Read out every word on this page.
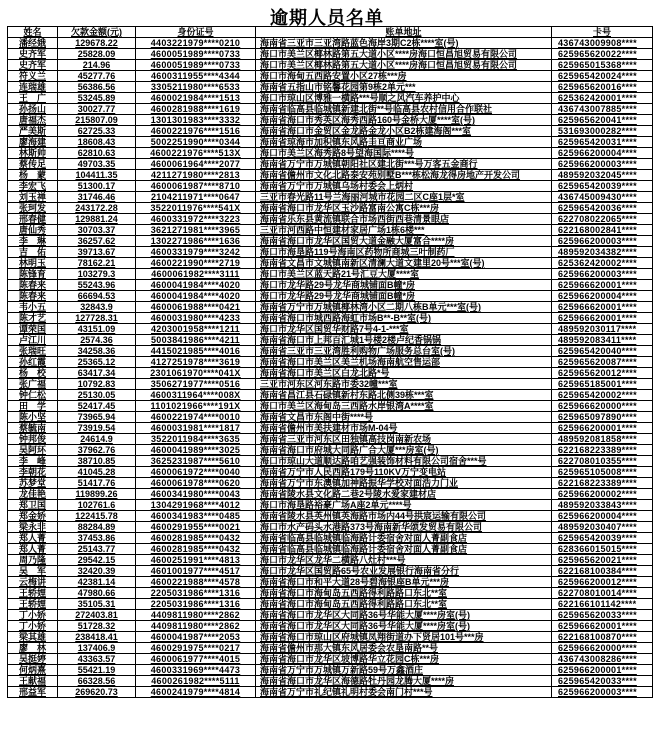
逾期人员名单
姓名	欠款金额(元)	身份证号	账单地址	卡号
潘经娥	129678.22	4403221979****0210	海南省三亚市三亚湾路蓝色海岸3期C2栋****室(号)	436743009908****
史齐军	25828.09	4600051989****0733	海口市美兰区椰林路第五大道小区****房海口恒昌旭贸易有限公司	625965620022****
史齐军	214.96	4600051989****0733	海口市美兰区椰林路第五大道小区****房海口恒昌旭贸易有限公司	625965015368****
符义兰	45277.76	4600311955****4344	海口市海甸五西路安置小区27栋***房	625965420024****
连瑞雄	56386.56	3305211980****6533	海南省五指山市铭馨花园第9栋2单元***	625965620016****
王　广	53245.89	4600021984****1513	海口市琼山区博雅一横路***号顺之风汽车养护中心	625362420001****
孙扬山	30027.77	4600281988****1619	海南省临高县临城镇新建北街**号临高县农村信用合作联社	436743007885****
唐福杰	215807.09	1301301983****3332	海南省海口市秀英区海秀西路160号金桥大厦****室(号)	625965620041****
严美斯	62725.33	4600221976****1516	海南省海口市金贸区金龙路金龙小区B2栋建海阁***室	531693000282****
廖海建	18608.43	5002251990****0344	海南省琼海市加积镇东风路圭亘商业广场	625965420031****
林斯帅	62810.63	4600221976****513X	海口市美兰区海秀路8号望海国际****号	625966200004****
蔡传足	49703.35	4600061964****2077	海南省万宁市万城镇朝阳社区建北街***号万客五金商行	625966200003****
杨　蒙	104411.35	4211271980****2813	海南省儋州市文化北路泰安苑别墅B***栋松海龙得房地产开发公司	489592032045****
李宏飞	51300.17	4600061987****8710	海南省万宁市万城镇乌场村委会上炳村	625965420039****
刘玉禅	31746.46	2104211971****0647	三亚市春光路11号兰海丽河城市花园二区C座1层*室	436745009430****
张珂发	243172.28	3522011976****541X	海南省海口市龙华区玉沙路富南公寓C栋***房	625965420036****
邢春健	129881.24	4600331972****3223	海南省乐东县黄流镇联合市场西街西巷清景眼店	622708022065****
唐仙秀	30703.37	3621271981****3965	三亚市河西路中恒建材家居广场1栋6楼***	622168002841****
李　琳	36257.62	1302271986****1636	海南省海口市龙华区国贸大道金融大厦富合****房	625966200003****
吉　佑	39713.67	4600331979****3242	海口市海垦路119号海南区药物所商城三叶制药厂	489592034382****
林明玉	78162.21	4600221990****2719	海南省文昌市文城镇南新区清澜大道文建里20号***室(号)	625362420002****
陈锋育	103279.3	4600061982****3111	海口市美兰区蓝天路21号汇豆大厦****室	625966200003****
陈春来	55243.96	4600041984****4020	海口市龙华路29号龙华商城铺面B幢*房	625966620001****
陈春来	66694.53	4600041984****4020	海口市龙华路29号龙华商城铺面B幢*房	625966200004****
韦小五	32843.9	4600061988****0421	海南省万宁市万城镇椰林湾小区二期八栋B单元***室(号)	625966620001****
陈才艺	127728.31	4600031980****4233	海南省海口市城西路海虹市场B**-B**室(号)	625966620001****
谭荣国	43151.09	4203001958****1211	海口市龙华区国贸华财路7号4-1-***室	489592030117****
卢江川	2574.36	5003841986****4211	海南省海口市上邦百汇城1号楼2楼卢纪香锅锅	489592083411****
张瑞旺	34258.36	4415021985****4016	海南省三亚市三亚湾胜利购物广场服务总台室(号)	625965420040****
孙红霞	25365.12	4127251978****3619	海南省海口市美兰区美兰机场海南航空售运部	625965620087****
杨　校	63417.34	2301061970****041X	海南省海口市美兰区白龙北路*号	625965620012****
张广福	10792.83	3506271977****0516	三亚市河东区河东路市委32幢***室	625965185001****
钟仁松	25130.05	4600311964****008X	海南省昌江县石碌镇新村东路北侧39栋***室	625965420002****
田　学	52417.45	1101021966****191X	海口市美兰区海甸岛三西路水岸银湾A****室	625966620000****
陈小坚	73965.94	4600221974****0010	海南省文昌市东阁中街****号	625965097890****
蔡毓南	73919.54	4600031981****1817	海南省儋州市美扶建材市场M-04号	625966200001****
钟邦俊	24614.9	3522011984****3635	海南省三亚市河东区田独镇高技岗南新农场	489592081858****
吴阿环	37962.76	4600041989****3025	海南省海口市府城大同路广合大厦***房室(号)	622168223389****
李　峰	38710.85	3625231987****5610	海口市琼山大道顺达路咱艺强装饰材料有限公司宿舍***号	622708010355****
李朝花	41045.28	4600061972****0040	海南省万宁市人民西路179号110KV万宁变电站	625965105008****
苏梦堂	51417.76	4600061978****0620	海南省万宁市东澳镇加神路振华学校对面浩力门业	622168223389****
龙佳艳	119899.26	4600341980****0043	海南省陵水县文化路二巷2号陵水爱家建材店	625966200002****
郑卫国	102761.6	1304291968****4012	海口市海垦路裕豪广场A座2单元****号	489592033843****
郑金娇	122415.78	4600341983****0485	海南省陵水县英州镇英海路市场内44号拱宸运输有限公司	625966200004****
梁永非	88284.89	4600291955****0021	海口市水产码头水港路373号海南新华颂发贸易有限公司	489592030407****
郑人菁	37453.86	4600281985****0432	海南省临高县临城镇临海路计委宿舍对面人菁副食店	625965420039****
郑人菁	25143.77	4600281985****0432	海南省临高县临城镇临海路计委宿舍对面人菁副食店	628366015015****
周乃隆	29542.15	4600251991****4813	海口市龙华区龙华二横路八灶村***号	625965620021****
吴　军	32420.39	4601001977****4517	海口市龙华区国贸路65号农业发展银行海南省分行	622168100384****
云梅讲	42381.14	4600221988****4578	海南省海口市和平大道28号碧海银座B单元***房	625966200012****
王轿娌	47980.66	2205031986****1316	海南省海口市海甸岛五西路得利路路口东北**室	622708010014****
王轿娌	35105.31	2205031986****1316	海南省海口市海甸岛五西路得利路路口东北**室	622166101142****
丁小娇	272403.81	4409811980****2862	海南省海口市龙华区大同路36号华能大厦****房室(号)	625965620033****
丁小娇	51728.32	4409811980****2862	海南省海口市龙华区大同路36号华能大厦****房室(号)	625966620001****
梁其雄	238418.41	4600041987****2053	海南省海口市琼山区府城镇凤翔街道办下贤居101号***房	622168100870****
廖　林	137406.9	4600291975****0217	海南省儋州市那大镇东风居委会农垦南路**号	625966620000****
吴挺婷	43363.57	4600061977****4015	海南省海口市龙华区坡博路华立花园C栋***房	436743008286****
何炳熹	55421.19	4600331969****4473	海南省万宁市万城镇万新路59号万鑫酒庄	625966200001****
王献福	66328.56	4600261982****5111	海南省海口市龙华区海德路牡丹园龙腾大厦****房	625965420033****
邢益军	269620.73	4600241979****4814	海南省万宁市礼纪镇礼明村委会南门村***号	625966200003****
